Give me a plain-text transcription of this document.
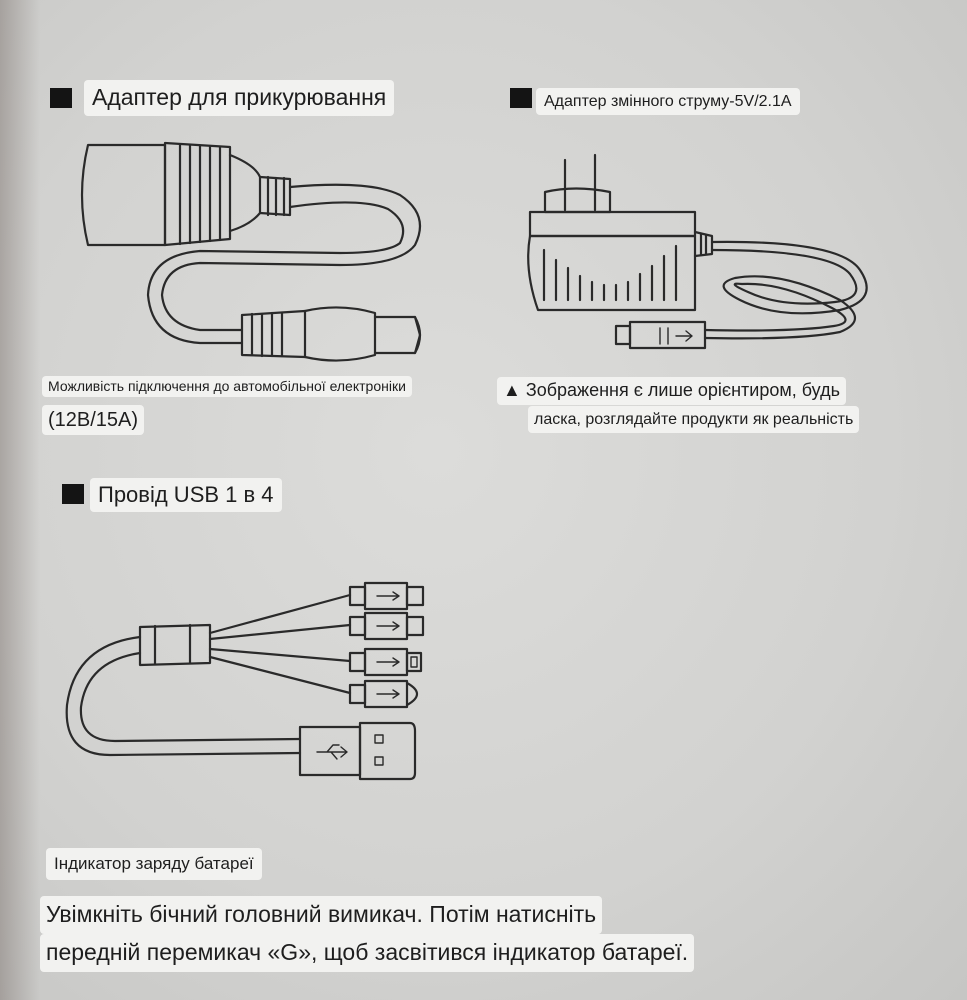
Адаптер для прикурювання
Можливість підключення до автомобільної електроніки
(12В/15А)
Адаптер змінного струму-5V/2.1A
▲ Зображення є лише орієнтиром, будь
ласка, розглядайте продукти як реальність
Провід USB 1 в 4
Індикатор заряду батареї
Увімкніть бічний головний вимикач. Потім натисніть
передній перемикач «G», щоб засвітився індикатор батареї.
